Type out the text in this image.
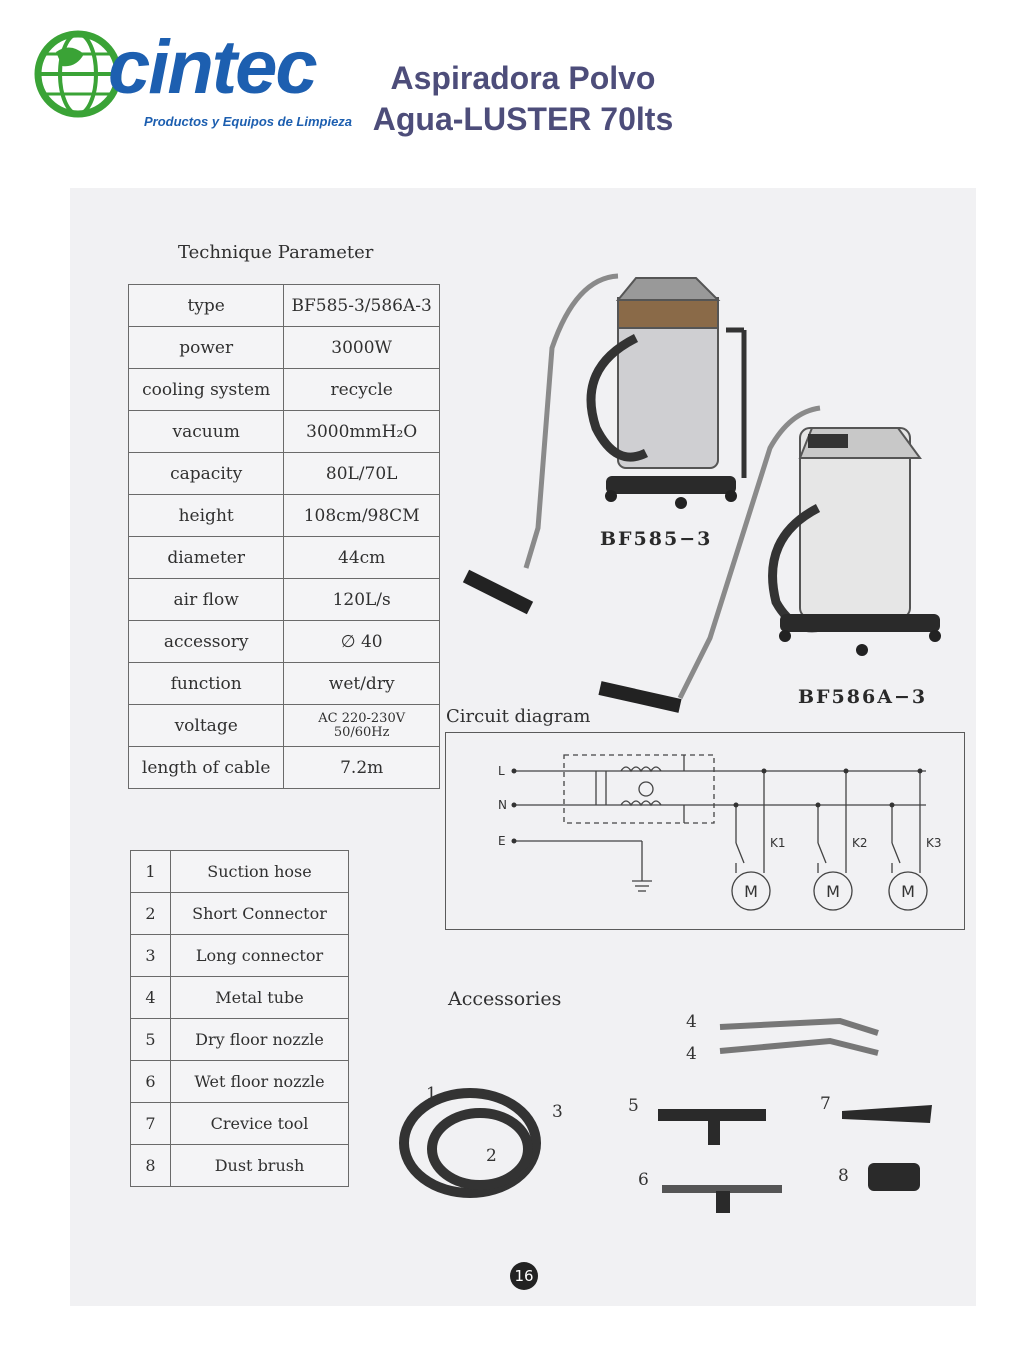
cintec
Productos y Equipos de Limpieza
Aspiradora Polvo
Agua-LUSTER 70lts
Technique Parameter
type	BF585-3/586A-3
power	3000W
cooling system	recycle
vacuum	3000mmH₂O
capacity	80L/70L
height	108cm/98CM
diameter	44cm
air flow	120L/s
accessory	∅ 40
function	wet/dry
voltage	AC 220-230V
50/60Hz

length of cable	7.2m
1	Suction hose
2	Short Connector
3	Long connector
4	Metal tube
5	Dry floor nozzle
6	Wet floor nozzle
7	Crevice tool
8	Dust brush
BF585−3
BF586A−3
Circuit diagram
L
N
E	K1	K2	K3
M	M	M
Accessories
1
2
3
4
4
5
6
7
8
16
